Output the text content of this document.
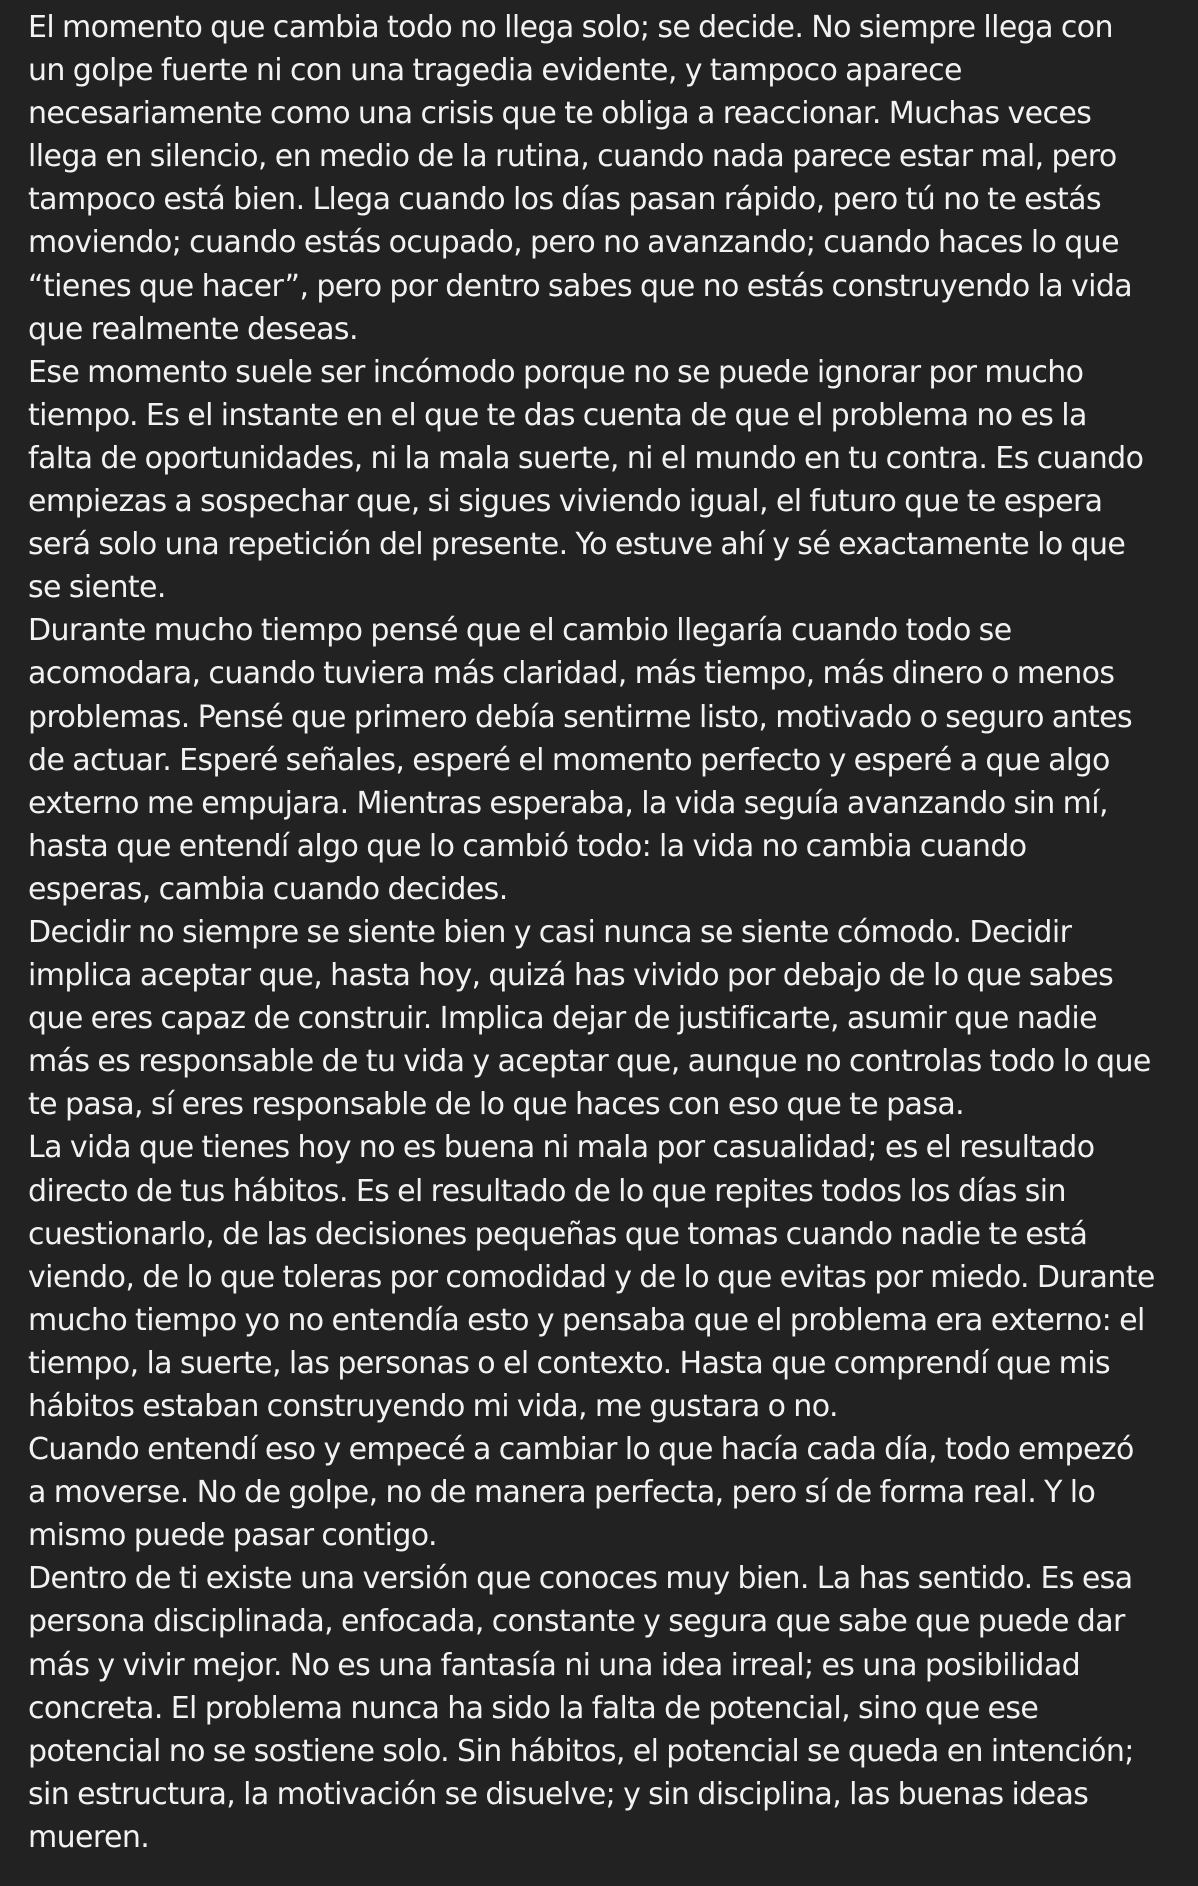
El momento que cambia todo no llega solo; se decide. No siempre llega con
un golpe fuerte ni con una tragedia evidente, y tampoco aparece
necesariamente como una crisis que te obliga a reaccionar. Muchas veces
llega en silencio, en medio de la rutina, cuando nada parece estar mal, pero
tampoco está bien. Llega cuando los días pasan rápido, pero tú no te estás
moviendo; cuando estás ocupado, pero no avanzando; cuando haces lo que
“tienes que hacer”, pero por dentro sabes que no estás construyendo la vida
que realmente deseas.
Ese momento suele ser incómodo porque no se puede ignorar por mucho
tiempo. Es el instante en el que te das cuenta de que el problema no es la
falta de oportunidades, ni la mala suerte, ni el mundo en tu contra. Es cuando
empiezas a sospechar que, si sigues viviendo igual, el futuro que te espera
será solo una repetición del presente. Yo estuve ahí y sé exactamente lo que
se siente.
Durante mucho tiempo pensé que el cambio llegaría cuando todo se
acomodara, cuando tuviera más claridad, más tiempo, más dinero o menos
problemas. Pensé que primero debía sentirme listo, motivado o seguro antes
de actuar. Esperé señales, esperé el momento perfecto y esperé a que algo
externo me empujara. Mientras esperaba, la vida seguía avanzando sin mí,
hasta que entendí algo que lo cambió todo: la vida no cambia cuando
esperas, cambia cuando decides.
Decidir no siempre se siente bien y casi nunca se siente cómodo. Decidir
implica aceptar que, hasta hoy, quizá has vivido por debajo de lo que sabes
que eres capaz de construir. Implica dejar de justificarte, asumir que nadie
más es responsable de tu vida y aceptar que, aunque no controlas todo lo que
te pasa, sí eres responsable de lo que haces con eso que te pasa.
La vida que tienes hoy no es buena ni mala por casualidad; es el resultado
directo de tus hábitos. Es el resultado de lo que repites todos los días sin
cuestionarlo, de las decisiones pequeñas que tomas cuando nadie te está
viendo, de lo que toleras por comodidad y de lo que evitas por miedo. Durante
mucho tiempo yo no entendía esto y pensaba que el problema era externo: el
tiempo, la suerte, las personas o el contexto. Hasta que comprendí que mis
hábitos estaban construyendo mi vida, me gustara o no.
Cuando entendí eso y empecé a cambiar lo que hacía cada día, todo empezó
a moverse. No de golpe, no de manera perfecta, pero sí de forma real. Y lo
mismo puede pasar contigo.
Dentro de ti existe una versión que conoces muy bien. La has sentido. Es esa
persona disciplinada, enfocada, constante y segura que sabe que puede dar
más y vivir mejor. No es una fantasía ni una idea irreal; es una posibilidad
concreta. El problema nunca ha sido la falta de potencial, sino que ese
potencial no se sostiene solo. Sin hábitos, el potencial se queda en intención;
sin estructura, la motivación se disuelve; y sin disciplina, las buenas ideas
mueren.
